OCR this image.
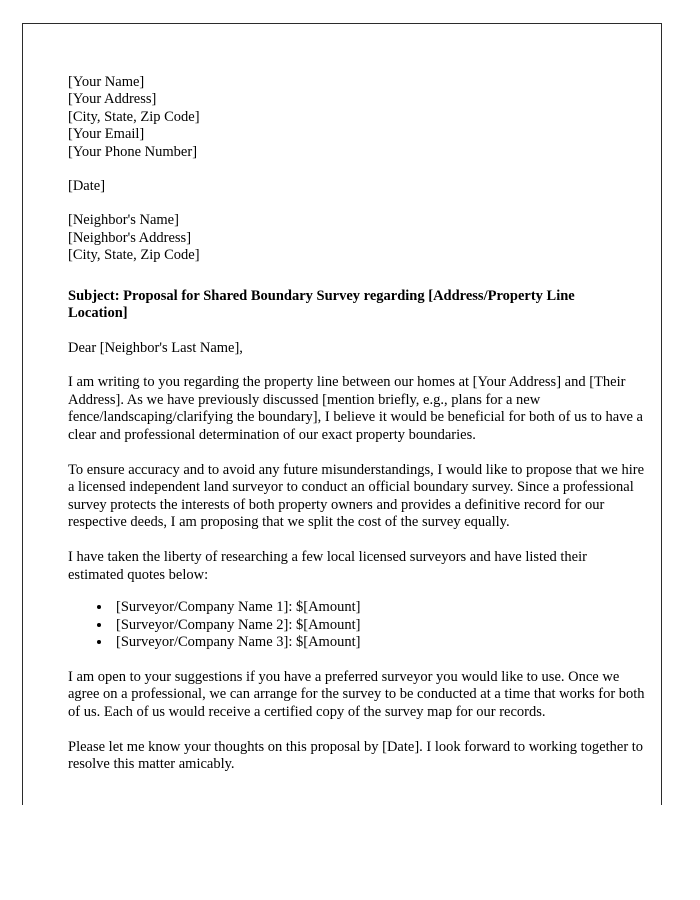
[Your Name]
[Your Address]
[City, State, Zip Code]
[Your Email]
[Your Phone Number]
[Date]
[Neighbor's Name]
[Neighbor's Address]
[City, State, Zip Code]
Subject: Proposal for Shared Boundary Survey regarding [Address/Property Line Location]
Dear [Neighbor's Last Name],

I am writing to you regarding the property line between our homes at [Your Address] and [Their Address]. As we have previously discussed [mention briefly, e.g., plans for a new fence/landscaping/clarifying the boundary], I believe it would be beneficial for both of us to have a clear and professional determination of our exact property boundaries.

To ensure accuracy and to avoid any future misunderstandings, I would like to propose that we hire a licensed independent land surveyor to conduct an official boundary survey. Since a professional survey protects the interests of both property owners and provides a definitive record for our respective deeds, I am proposing that we split the cost of the survey equally.

I have taken the liberty of researching a few local licensed surveyors and have listed their estimated quotes below:

• [Surveyor/Company Name 1]: $[Amount]
• [Surveyor/Company Name 2]: $[Amount]
• [Surveyor/Company Name 3]: $[Amount]

I am open to your suggestions if you have a preferred surveyor you would like to use. Once we agree on a professional, we can arrange for the survey to be conducted at a time that works for both of us. Each of us would receive a certified copy of the survey map for our records.

Please let me know your thoughts on this proposal by [Date]. I look forward to working together to resolve this matter amicably.
